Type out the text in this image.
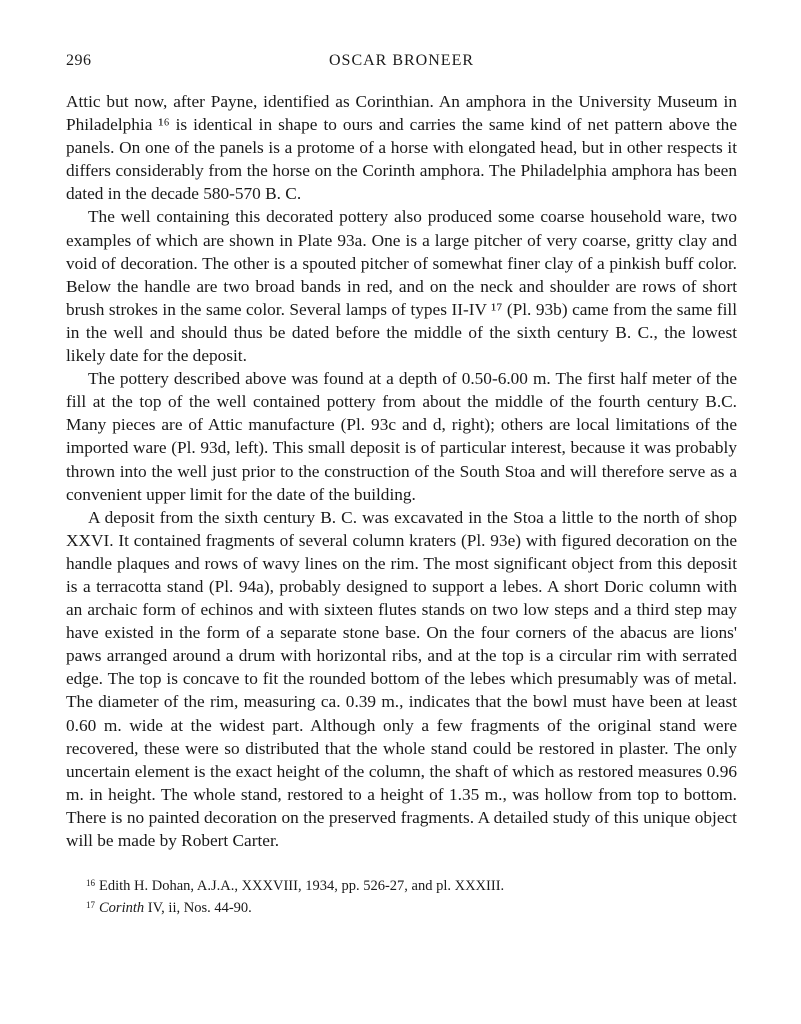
296	OSCAR BRONEER

Attic but now, after Payne, identified as Corinthian. An amphora in the University Museum in Philadelphia ¹⁶ is identical in shape to ours and carries the same kind of net pattern above the panels. On one of the panels is a protome of a horse with elongated head, but in other respects it differs considerably from the horse on the Corinth amphora. The Philadelphia amphora has been dated in the decade 580-570 B. C.

The well containing this decorated pottery also produced some coarse household ware, two examples of which are shown in Plate 93a. One is a large pitcher of very coarse, gritty clay and void of decoration. The other is a spouted pitcher of somewhat finer clay of a pinkish buff color. Below the handle are two broad bands in red, and on the neck and shoulder are rows of short brush strokes in the same color. Several lamps of types II-IV ¹⁷ (Pl. 93b) came from the same fill in the well and should thus be dated before the middle of the sixth century B. C., the lowest likely date for the deposit.

The pottery described above was found at a depth of 0.50-6.00 m. The first half meter of the fill at the top of the well contained pottery from about the middle of the fourth century B.C. Many pieces are of Attic manufacture (Pl. 93c and d, right); others are local limitations of the imported ware (Pl. 93d, left). This small deposit is of particular interest, because it was probably thrown into the well just prior to the construction of the South Stoa and will therefore serve as a convenient upper limit for the date of the building.

A deposit from the sixth century B. C. was excavated in the Stoa a little to the north of shop XXVI. It contained fragments of several column kraters (Pl. 93e) with figured decoration on the handle plaques and rows of wavy lines on the rim. The most significant object from this deposit is a terracotta stand (Pl. 94a), probably designed to support a lebes. A short Doric column with an archaic form of echinos and with sixteen flutes stands on two low steps and a third step may have existed in the form of a separate stone base. On the four corners of the abacus are lions' paws arranged around a drum with horizontal ribs, and at the top is a circular rim with serrated edge. The top is concave to fit the rounded bottom of the lebes which presumably was of metal. The diameter of the rim, measuring ca. 0.39 m., indicates that the bowl must have been at least 0.60 m. wide at the widest part. Although only a few fragments of the original stand were recovered, these were so distributed that the whole stand could be restored in plaster. The only uncertain element is the exact height of the column, the shaft of which as restored measures 0.96 m. in height. The whole stand, restored to a height of 1.35 m., was hollow from top to bottom. There is no painted decoration on the preserved fragments. A detailed study of this unique object will be made by Robert Carter.

$^{16}$ Edith H. Dohan, A.J.A., XXXVIII, 1934, pp. 526-27, and pl. XXXIII.

$^{17}$ Corinth IV, ii, Nos. 44-90.
